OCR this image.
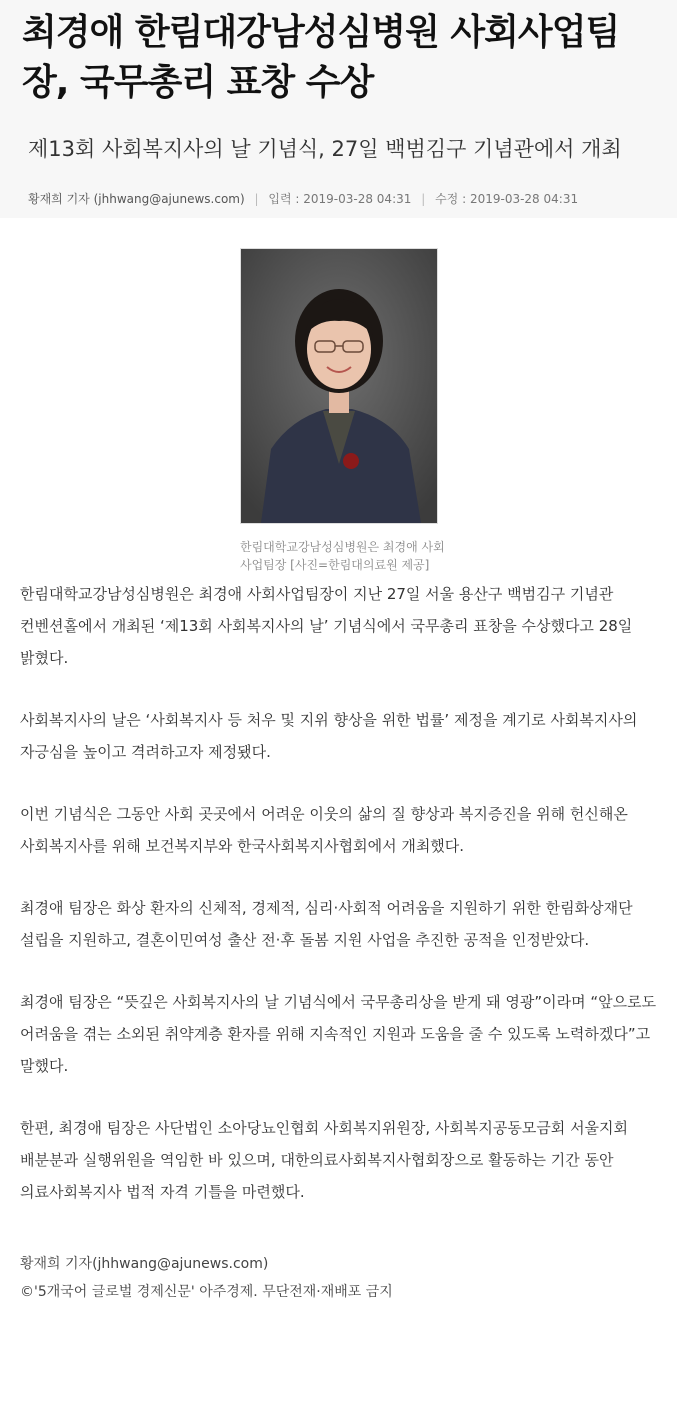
최경애 한림대강남성심병원 사회사업팀장, 국무총리 표창 수상
제13회 사회복지사의 날 기념식, 27일 백범김구 기념관에서 개최
황재희 기자 (jhhwang@ajunews.com) | 입력 : 2019-03-28 04:31 | 수정 : 2019-03-28 04:31
한림대학교강남성심병원은 최경애 사회사업팀장 [사진=한림대의료원 제공]

한림대학교강남성심병원은 최경애 사회사업팀장이 지난 27일 서울 용산구 백범김구 기념관 컨벤션홀에서 개최된 ‘제13회 사회복지사의 날’ 기념식에서 국무총리 표창을 수상했다고 28일 밝혔다.

사회복지사의 날은 ‘사회복지사 등 처우 및 지위 향상을 위한 법률’ 제정을 계기로 사회복지사의 자긍심을 높이고 격려하고자 제정됐다.

이번 기념식은 그동안 사회 곳곳에서 어려운 이웃의 삶의 질 향상과 복지증진을 위해 헌신해온 사회복지사를 위해 보건복지부와 한국사회복지사협회에서 개최했다.

최경애 팀장은 화상 환자의 신체적, 경제적, 심리·사회적 어려움을 지원하기 위한 한림화상재단 설립을 지원하고, 결혼이민여성 출산 전·후 돌봄 지원 사업을 추진한 공적을 인정받았다.

최경애 팀장은 “뜻깊은 사회복지사의 날 기념식에서 국무총리상을 받게 돼 영광”이라며 “앞으로도 어려움을 겪는 소외된 취약계층 환자를 위해 지속적인 지원과 도움을 줄 수 있도록 노력하겠다”고 말했다.

한편, 최경애 팀장은 사단법인 소아당뇨인협회 사회복지위원장, 사회복지공동모금회 서울지회 배분분과 실행위원을 역임한 바 있으며, 대한의료사회복지사협회장으로 활동하는 기간 동안 의료사회복지사 법적 자격 기틀을 마련했다.

황재희 기자(jhhwang@ajunews.com)
©'5개국어 글로벌 경제신문' 아주경제. 무단전재·재배포 금지
